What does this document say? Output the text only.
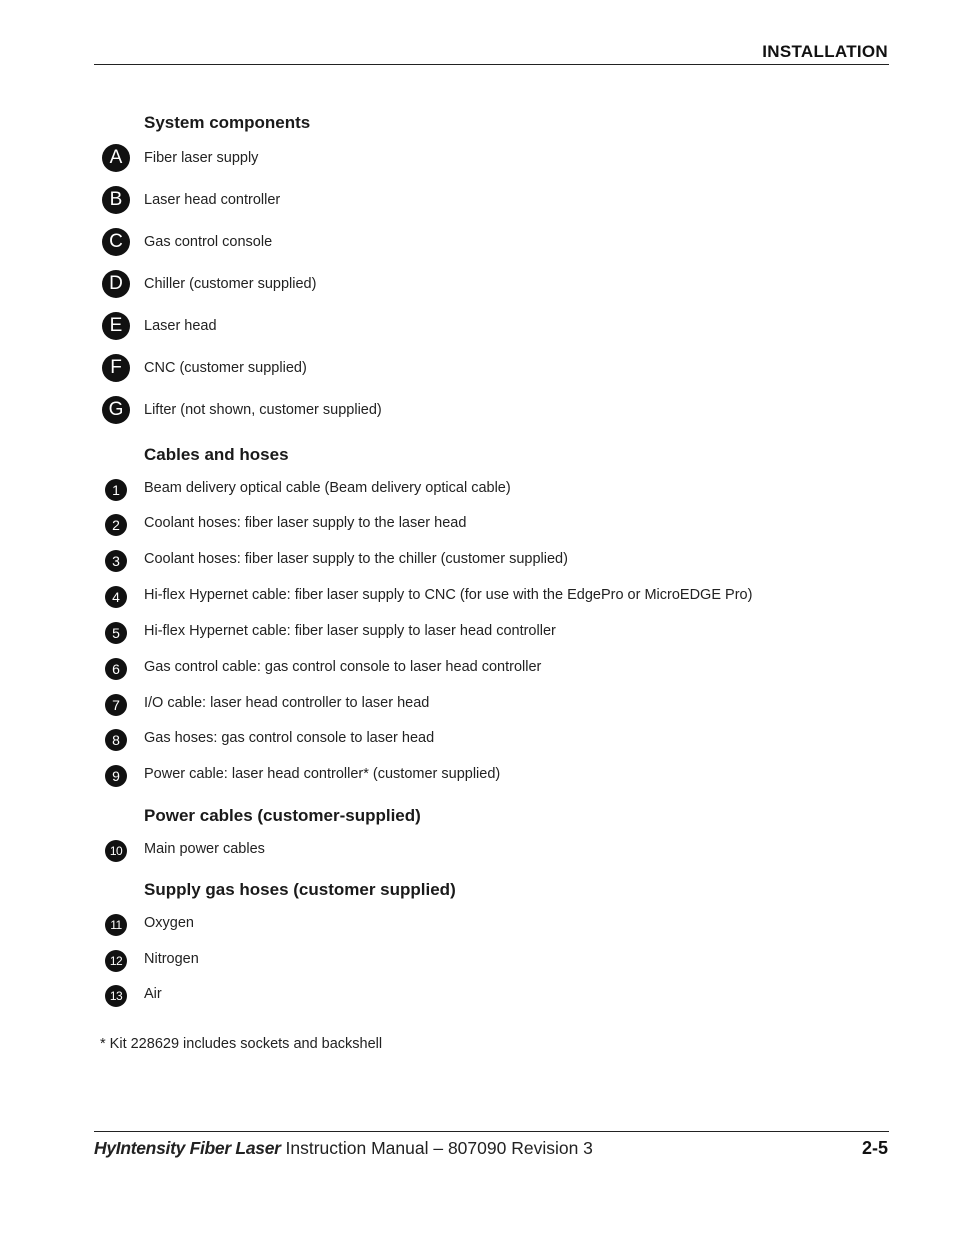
INSTALLATION
System components
A	Fiber laser supply
B	Laser head controller
C	Gas control console
D	Chiller (customer supplied)
E	Laser head
F	CNC (customer supplied)
G	Lifter (not shown, customer supplied)
Cables and hoses
1	Beam delivery optical cable (Beam delivery optical cable)
2	Coolant hoses: fiber laser supply to the laser head
3	Coolant hoses: fiber laser supply to the chiller (customer supplied)
4	Hi-flex Hypernet cable: fiber laser supply to CNC (for use with the EdgePro or MicroEDGE Pro)
5	Hi-flex Hypernet cable: fiber laser supply to laser head controller
6	Gas control cable: gas control console to laser head controller
7	I/O cable: laser head controller to laser head
8	Gas hoses: gas control console to laser head
9	Power cable: laser head controller* (customer supplied)
Power cables (customer-supplied)
10	Main power cables
Supply gas hoses (customer supplied)
11	Oxygen
12	Nitrogen
13	Air
* Kit 228629 includes sockets and backshell
HyIntensity Fiber Laser Instruction Manual – 807090 Revision 3	2-5
